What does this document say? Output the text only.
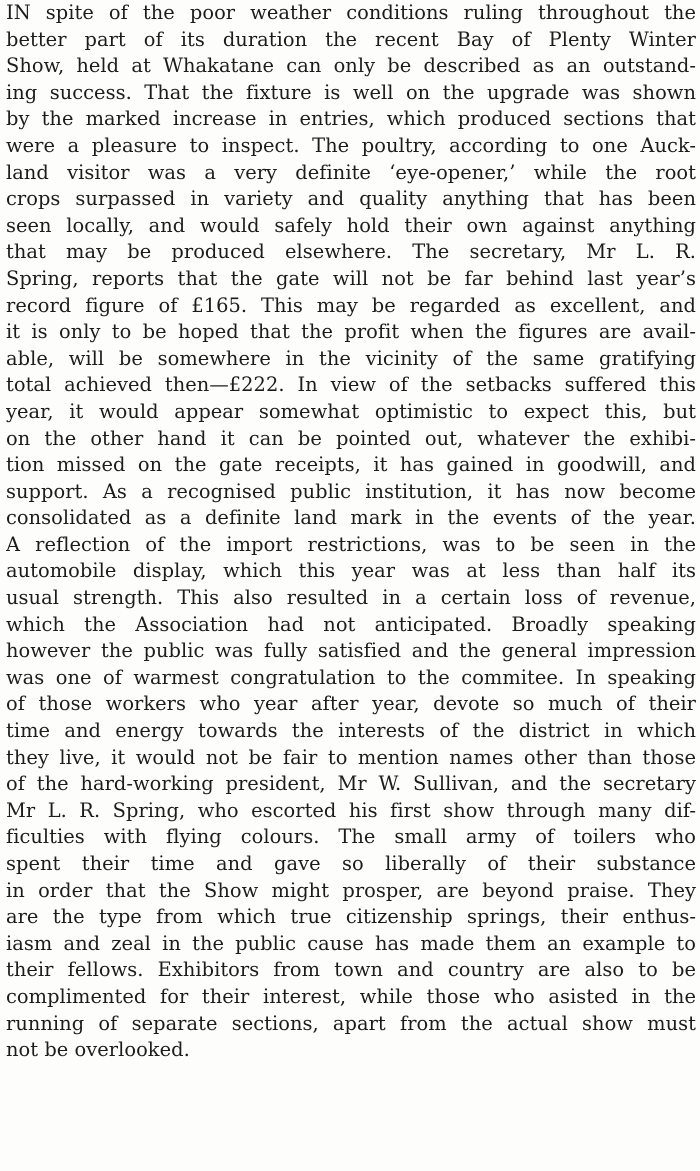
IN spite of the poor weather conditions ruling throughout the
better part of its duration the recent Bay of Plenty Winter
Show, held at Whakatane can only be described as an outstand-
ing success. That the fixture is well on the upgrade was shown
by the marked increase in entries, which produced sections that
were a pleasure to inspect. The poultry, according to one Auck-
land visitor was a very definite ‘eye-opener,’ while the root
crops surpassed in variety and quality anything that has been
seen locally, and would safely hold their own against anything
that may be produced elsewhere. The secretary, Mr L. R.
Spring, reports that the gate will not be far behind last year’s
record figure of £165. This may be regarded as excellent, and
it is only to be hoped that the profit when the figures are avail-
able, will be somewhere in the vicinity of the same gratifying
total achieved then—£222. In view of the setbacks suffered this
year, it would appear somewhat optimistic to expect this, but
on the other hand it can be pointed out, whatever the exhibi-
tion missed on the gate receipts, it has gained in goodwill, and
support. As a recognised public institution, it has now become
consolidated as a definite land mark in the events of the year.
A reflection of the import restrictions, was to be seen in the
automobile display, which this year was at less than half its
usual strength. This also resulted in a certain loss of revenue,
which the Association had not anticipated. Broadly speaking
however the public was fully satisfied and the general impression
was one of warmest congratulation to the commitee. In speaking
of those workers who year after year, devote so much of their
time and energy towards the interests of the district in which
they live, it would not be fair to mention names other than those
of the hard-working president, Mr W. Sullivan, and the secretary
Mr L. R. Spring, who escorted his first show through many dif-
ficulties with flying colours. The small army of toilers who
spent their time and gave so liberally of their substance
in order that the Show might prosper, are beyond praise. They
are the type from which true citizenship springs, their enthus-
iasm and zeal in the public cause has made them an example to
their fellows. Exhibitors from town and country are also to be
complimented for their interest, while those who asisted in the
running of separate sections, apart from the actual show must
not be overlooked.
